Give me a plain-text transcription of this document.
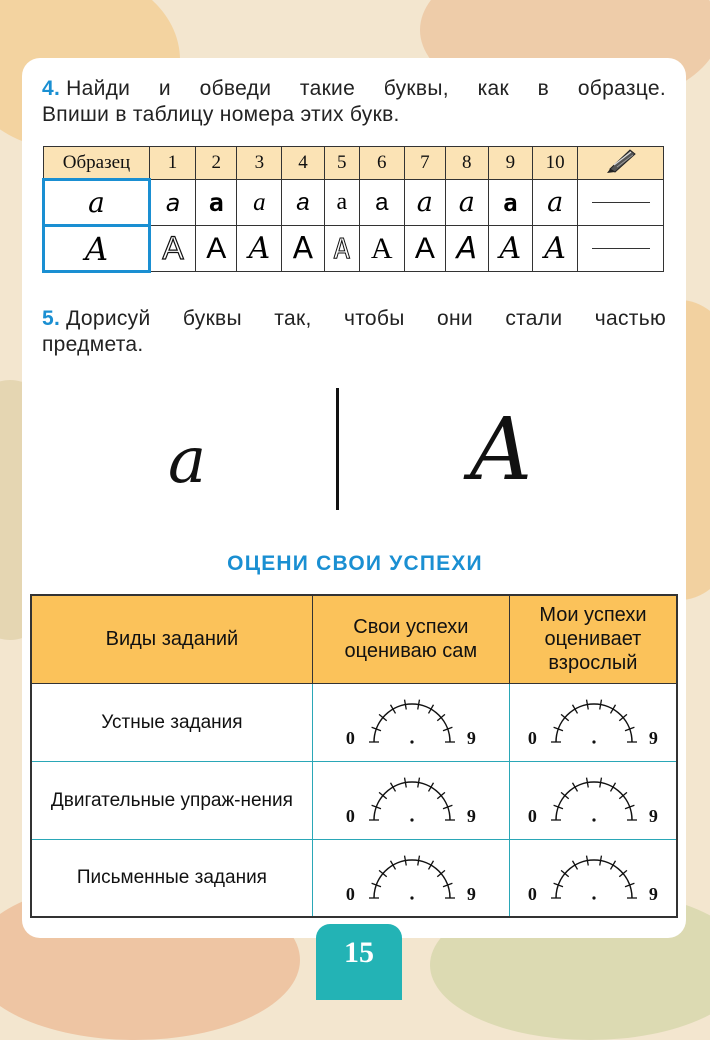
4. Найди и обведи такие буквы, как в образце.
Впиши в таблицу номера этих букв.
Образец	1	2	3	4	5	6	7	8	9	10	
a	a	a	a	a	a	a	a	a	a	a	
A	A	A	A	A	A	A	A	A	A	A	
5. Дорисуй буквы так, чтобы они стали частью
предмета.
a	A
ОЦЕНИ СВОИ УСПЕХИ
Виды заданий	Свои успехи оцениваю сам	Мои успехи оценивает взрослый

Устные задания	0 9	0 9

Двигательные упраж-нения	0 9	0 9

Письменные задания	0 9	0 9
15
